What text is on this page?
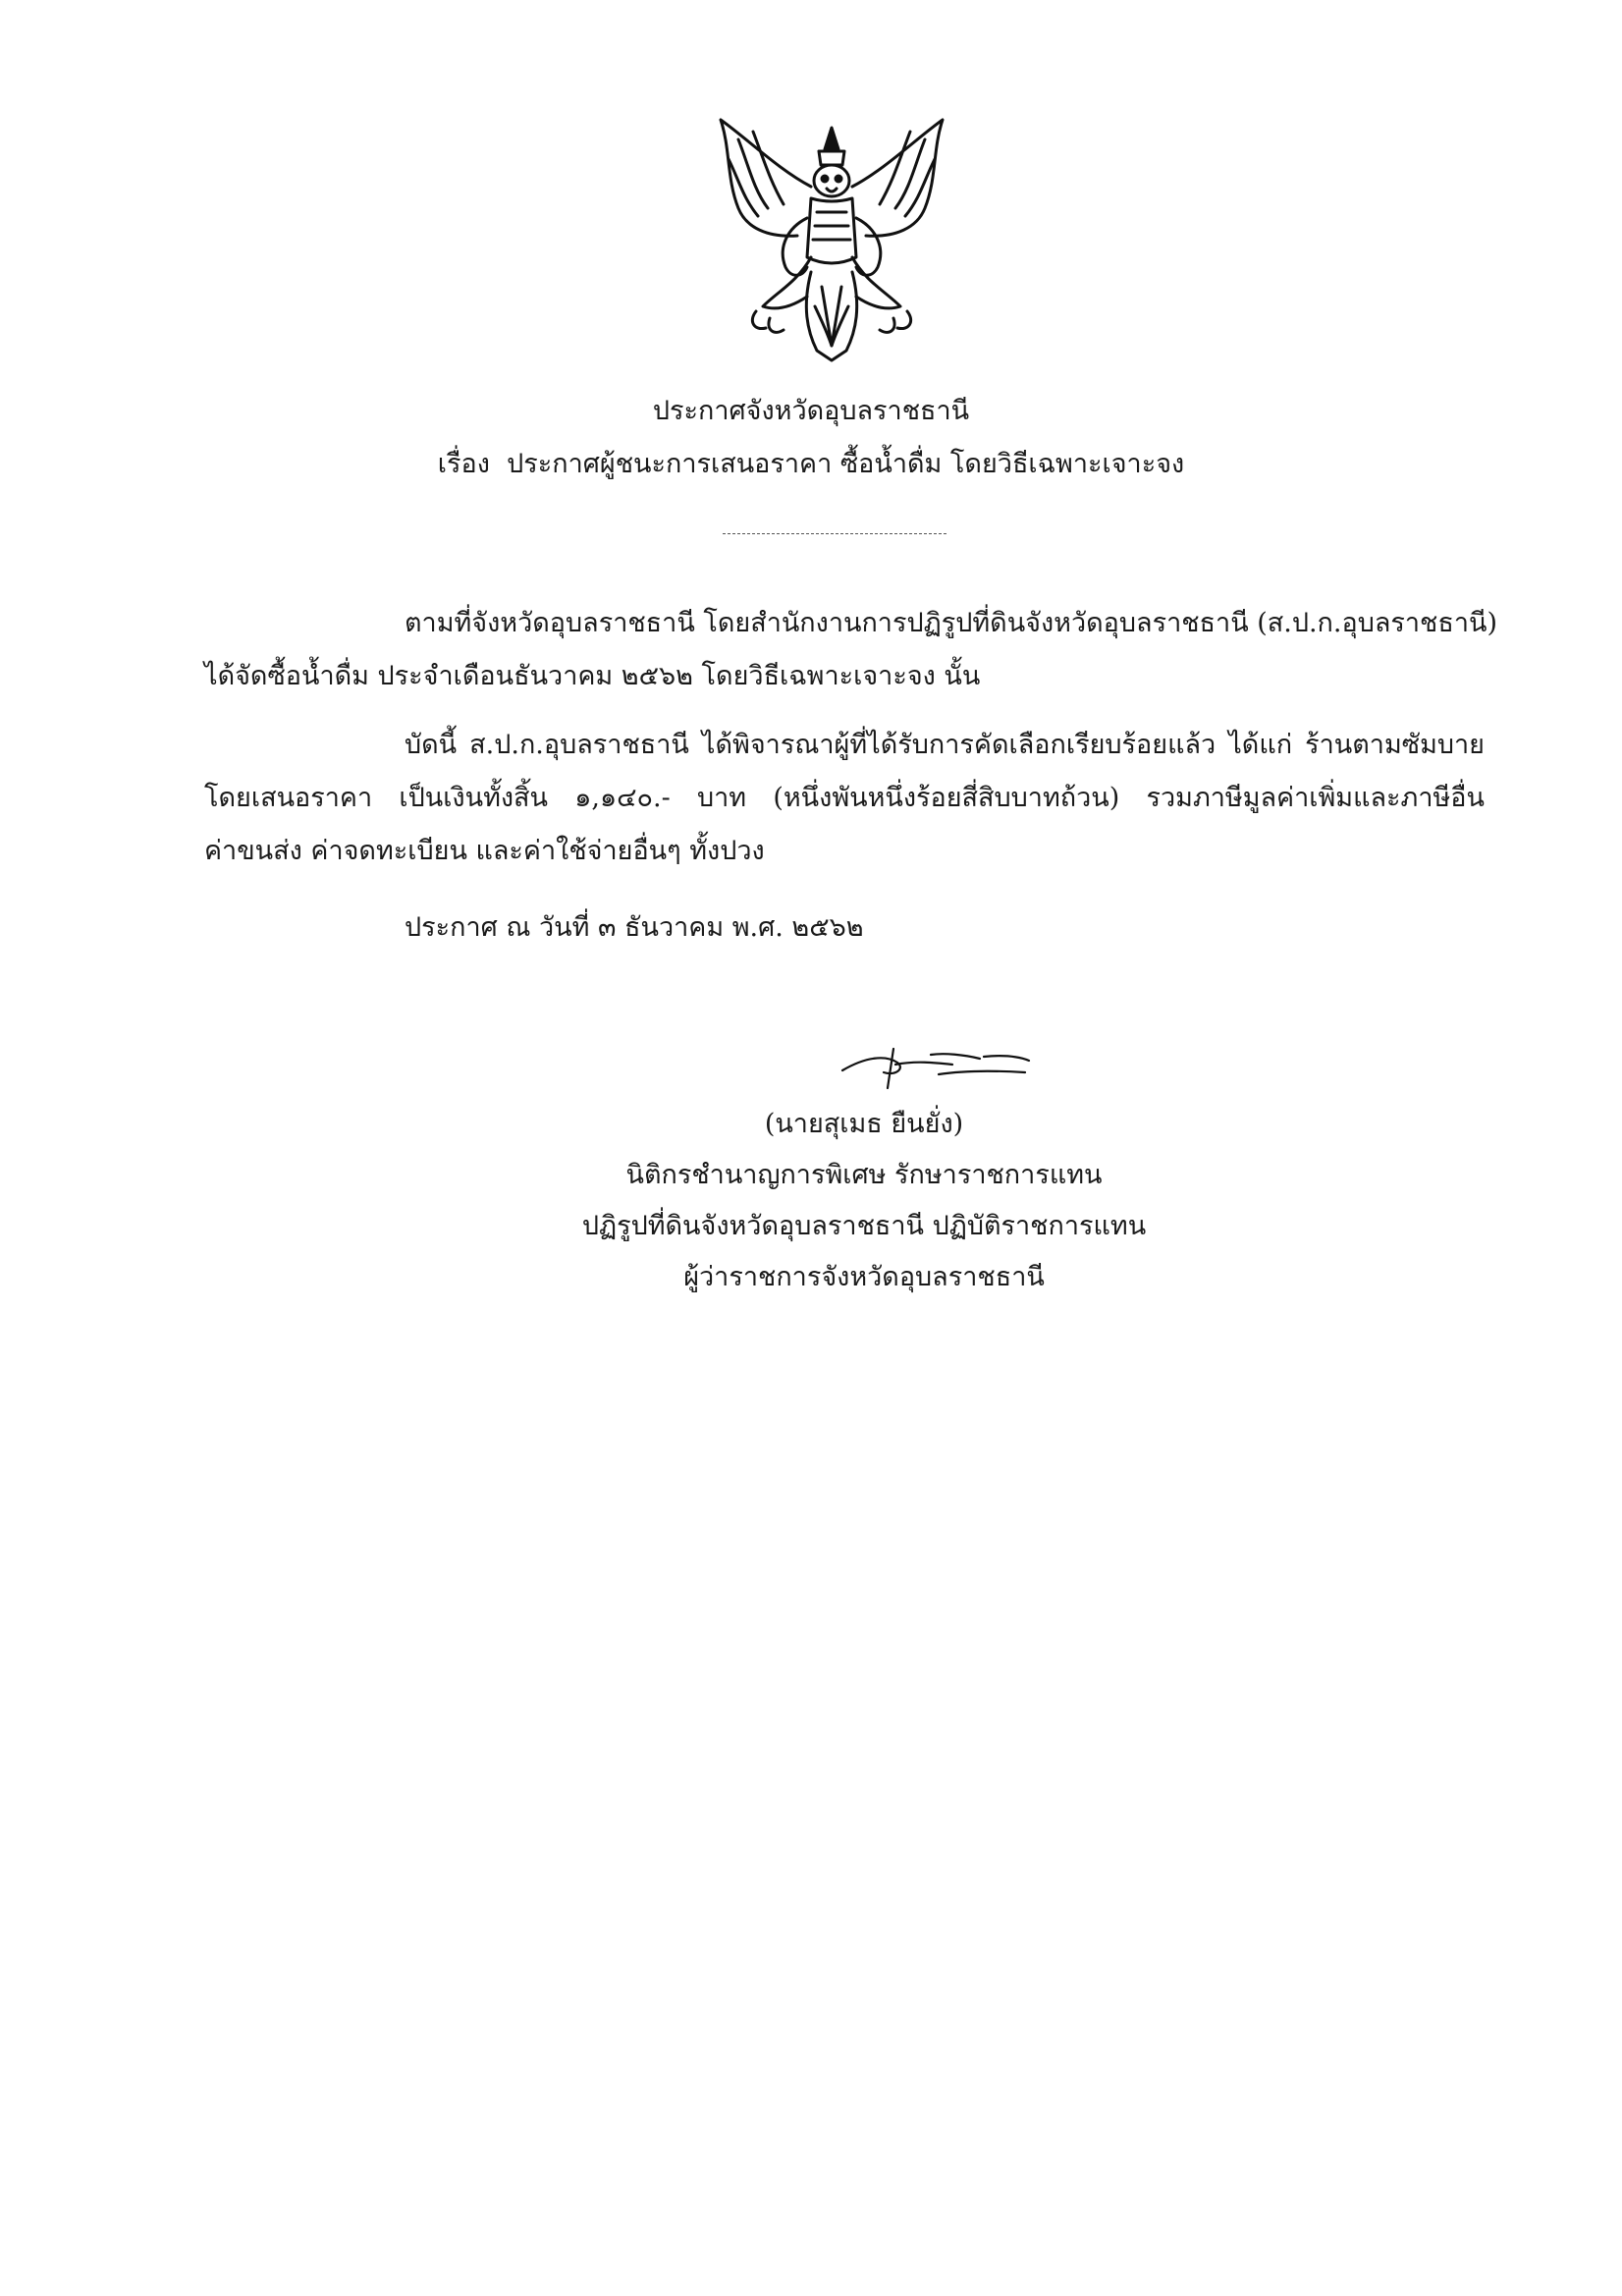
ประกาศจังหวัดอุบลราชธานี
เรื่อง ประกาศผู้ชนะการเสนอราคา ซื้อน้ำดื่ม โดยวิธีเฉพาะเจาะจง
ตามที่จังหวัดอุบลราชธานี โดยสำนักงานการปฏิรูปที่ดินจังหวัดอุบลราชธานี (ส.ป.ก.อุบลราชธานี)
ได้จัดซื้อน้ำดื่ม ประจำเดือนธันวาคม ๒๕๖๒ โดยวิธีเฉพาะเจาะจง นั้น
บัดนี้ ส.ป.ก.อุบลราชธานี ได้พิจารณาผู้ที่ได้รับการคัดเลือกเรียบร้อยแล้ว ได้แก่ ร้านตามซัมบาย
โดยเสนอราคา เป็นเงินทั้งสิ้น ๑,๑๔๐.- บาท (หนึ่งพันหนึ่งร้อยสี่สิบบาทถ้วน) รวมภาษีมูลค่าเพิ่มและภาษีอื่น
ค่าขนส่ง ค่าจดทะเบียน และค่าใช้จ่ายอื่นๆ ทั้งปวง
ประกาศ ณ วันที่ ๓ ธันวาคม พ.ศ. ๒๕๖๒
(นายสุเมธ ยืนยั่ง)
นิติกรชำนาญการพิเศษ รักษาราชการแทน
ปฏิรูปที่ดินจังหวัดอุบลราชธานี ปฏิบัติราชการแทน
ผู้ว่าราชการจังหวัดอุบลราชธานี
